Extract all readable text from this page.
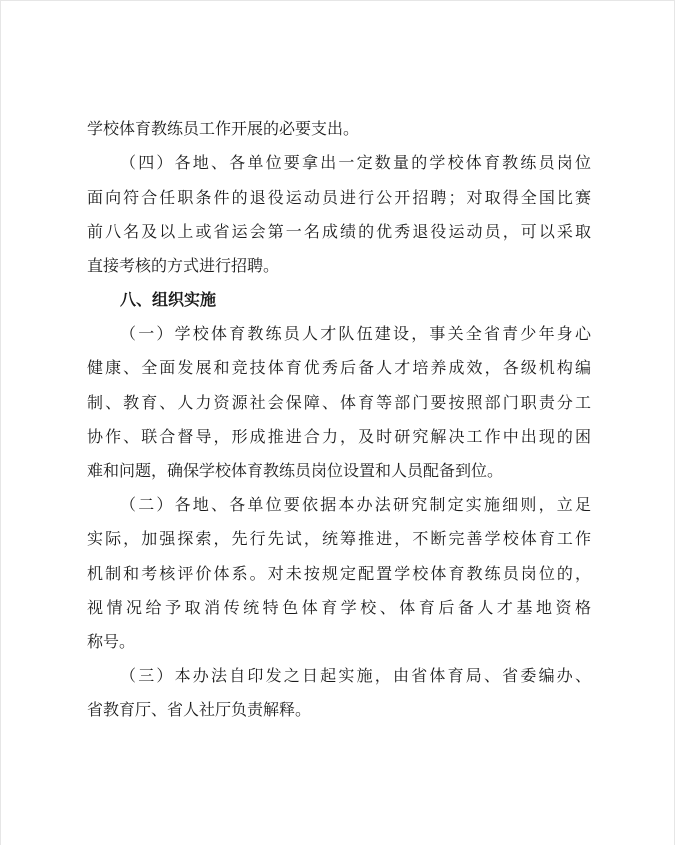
学校体育教练员工作开展的必要支出。
（四）各地、各单位要拿出一定数量的学校体育教练员岗位
面向符合任职条件的退役运动员进行公开招聘；对取得全国比赛
前八名及以上或省运会第一名成绩的优秀退役运动员，可以采取
直接考核的方式进行招聘。
八、组织实施
（一）学校体育教练员人才队伍建设，事关全省青少年身心
健康、全面发展和竞技体育优秀后备人才培养成效，各级机构编
制、教育、人力资源社会保障、体育等部门要按照部门职责分工
协作、联合督导，形成推进合力，及时研究解决工作中出现的困
难和问题，确保学校体育教练员岗位设置和人员配备到位。
（二）各地、各单位要依据本办法研究制定实施细则，立足
实际，加强探索，先行先试，统筹推进，不断完善学校体育工作
机制和考核评价体系。对未按规定配置学校体育教练员岗位的，
视情况给予取消传统特色体育学校、体育后备人才基地资格
称号。
（三）本办法自印发之日起实施，由省体育局、省委编办、
省教育厅、省人社厅负责解释。
